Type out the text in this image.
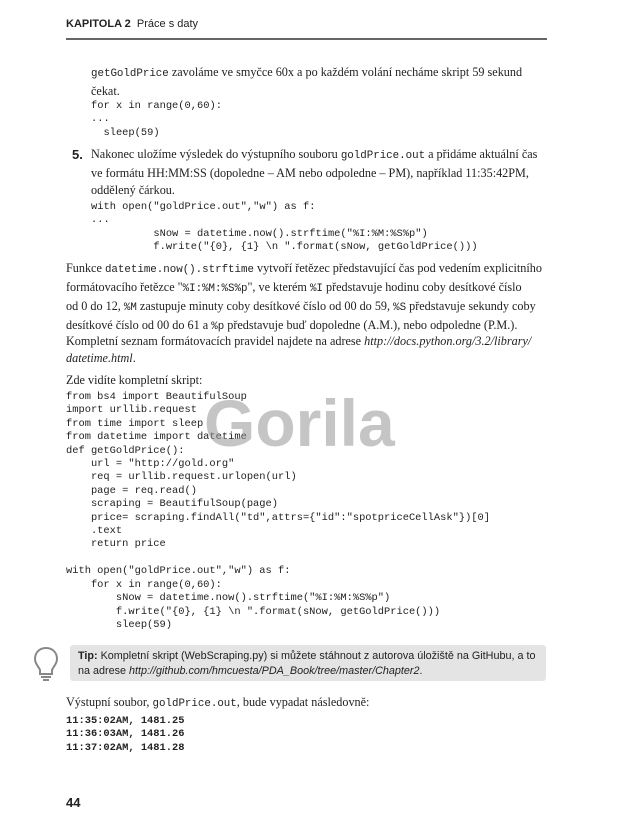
KAPITOLA 2 Práce s daty
getGoldPrice zavoláme ve smyčce 60x a po každém volání necháme skript 59 sekund
čekat.
for x in range(0,60):
...
sleep(59)
5. Nakonec uložíme výsledek do výstupního souboru goldPrice.out a přidáme aktuální čas
ve formátu HH:MM:SS (dopoledne – AM nebo odpoledne – PM), například 11:35:42PM,
oddělený čárkou.
with open("goldPrice.out","w") as f:
...
sNow = datetime.now().strftime("%I:%M:%S%p")
f.write("{0}, {1} \n ".format(sNow, getGoldPrice()))
Funkce datetime.now().strftime vytvoří řetězec představující čas pod vedením explicitního
formátovacího řetězce "%I:%M:%S%p", ve kterém %I představuje hodinu coby desítkové číslo
od 0 do 12, %M zastupuje minuty coby desítkové číslo od 00 do 59, %S představuje sekundy coby
desítkové číslo od 00 do 61 a %p představuje buď dopoledne (A.M.), nebo odpoledne (P.M.).
Kompletní seznam formátovacích pravidel najdete na adrese http://docs.python.org/3.2/library/
datetime.html.
Zde vidíte kompletní skript:
from bs4 import BeautifulSoup
import urllib.request
from time import sleep
from datetime import datetime
def getGoldPrice():
url = "http://gold.org"
req = urllib.request.urlopen(url)
page = req.read()
scraping = BeautifulSoup(page)
price= scraping.findAll("td",attrs={"id":"spotpriceCellAsk"})[0]
.text
return price

with open("goldPrice.out","w") as f:
for x in range(0,60):
sNow = datetime.now().strftime("%I:%M:%S%p")
f.write("{0}, {1} \n ".format(sNow, getGoldPrice()))
sleep(59)
Gorila
Tip: Kompletní skript (WebScraping.py) si můžete stáhnout z autorova úložiště na GitHubu, a to
na adrese http://github.com/hmcuesta/PDA_Book/tree/master/Chapter2.
Výstupní soubor, goldPrice.out, bude vypadat následovně:
11:35:02AM, 1481.25
11:36:03AM, 1481.26
11:37:02AM, 1481.28
44
